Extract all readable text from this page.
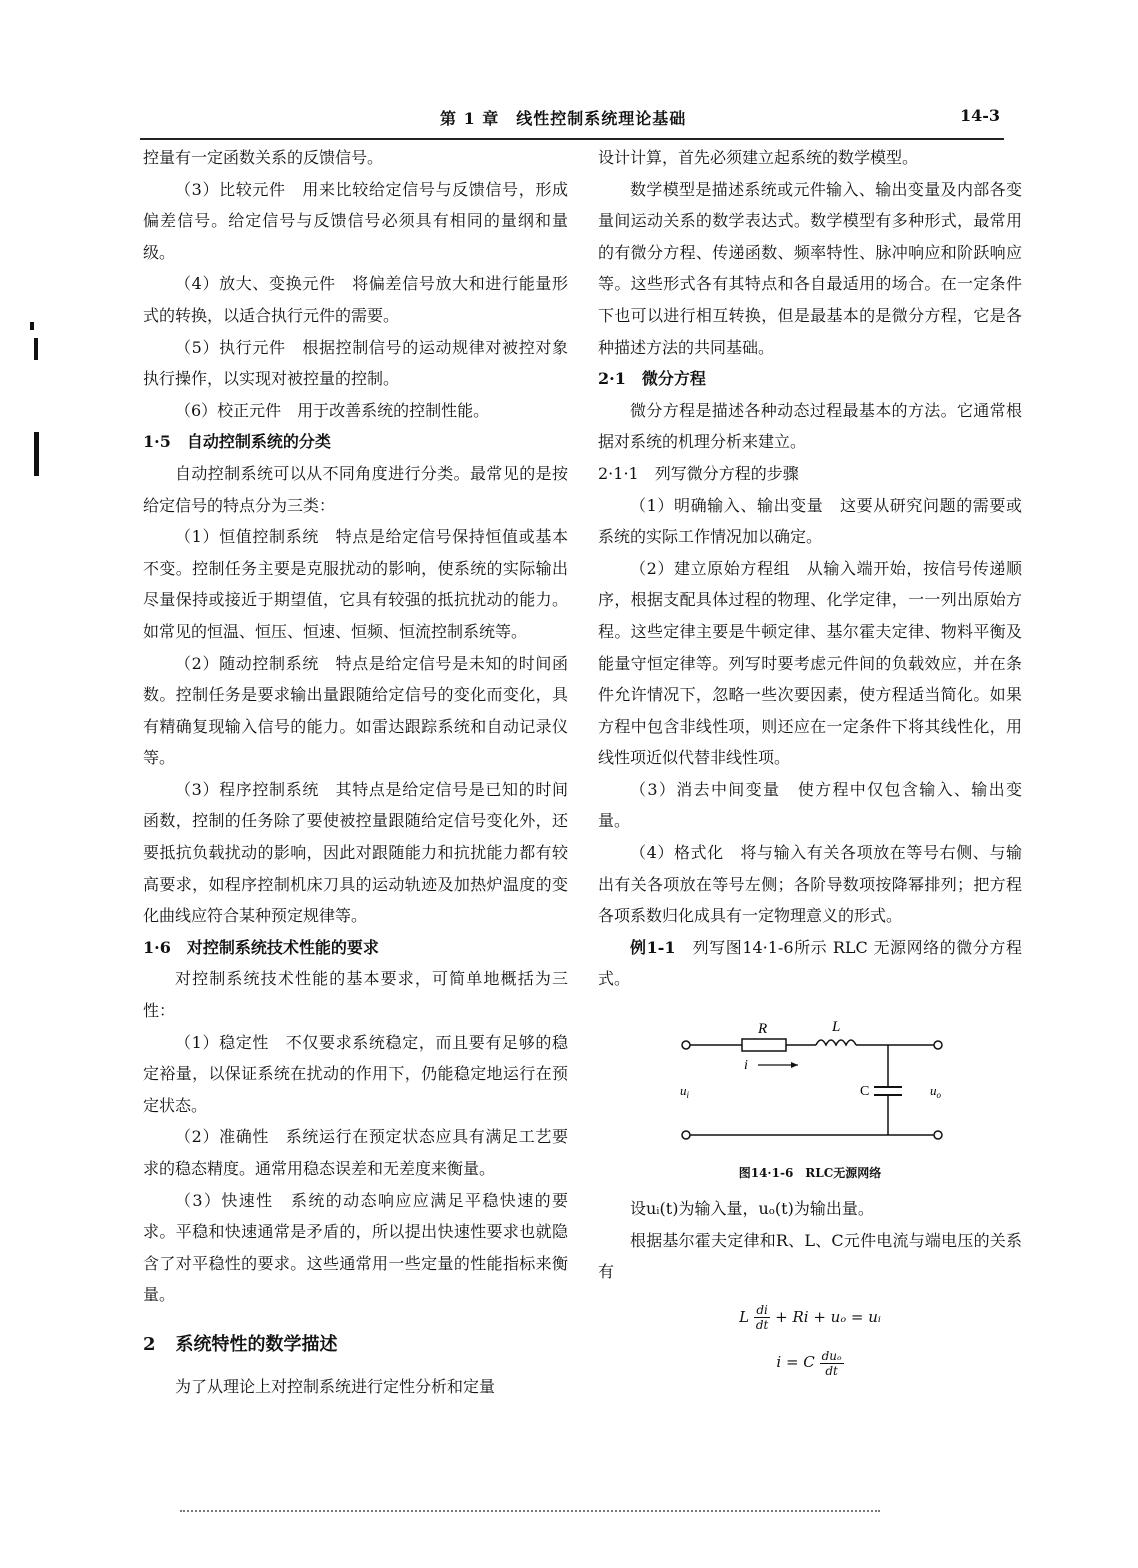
第 1 章　线性控制系统理论基础	14-3

控量有一定函数关系的反馈信号。

（3）比较元件　用来比较给定信号与反馈信号，形成偏差信号。给定信号与反馈信号必须具有相同的量纲和量级。

（4）放大、变换元件　将偏差信号放大和进行能量形式的转换，以适合执行元件的需要。

（5）执行元件　根据控制信号的运动规律对被控对象执行操作，以实现对被控量的控制。

（6）校正元件　用于改善系统的控制性能。

1·5　自动控制系统的分类

自动控制系统可以从不同角度进行分类。最常见的是按给定信号的特点分为三类：

（1）恒值控制系统　特点是给定信号保持恒值或基本不变。控制任务主要是克服扰动的影响，使系统的实际输出尽量保持或接近于期望值，它具有较强的抵抗扰动的能力。如常见的恒温、恒压、恒速、恒频、恒流控制系统等。

（2）随动控制系统　特点是给定信号是未知的时间函数。控制任务是要求输出量跟随给定信号的变化而变化，具有精确复现输入信号的能力。如雷达跟踪系统和自动记录仪等。

（3）程序控制系统　其特点是给定信号是已知的时间函数，控制的任务除了要使被控量跟随给定信号变化外，还要抵抗负载扰动的影响，因此对跟随能力和抗扰能力都有较高要求，如程序控制机床刀具的运动轨迹及加热炉温度的变化曲线应符合某种预定规律等。

1·6　对控制系统技术性能的要求

对控制系统技术性能的基本要求，可简单地概括为三性：

（1）稳定性　不仅要求系统稳定，而且要有足够的稳定裕量，以保证系统在扰动的作用下，仍能稳定地运行在预定状态。

（2）准确性　系统运行在预定状态应具有满足工艺要求的稳态精度。通常用稳态误差和无差度来衡量。

（3）快速性　系统的动态响应应满足平稳快速的要求。平稳和快速通常是矛盾的，所以提出快速性要求也就隐含了对平稳性的要求。这些通常用一些定量的性能指标来衡量。

2 系统特性的数学描述

为了从理论上对控制系统进行定性分析和定量

设计计算，首先必须建立起系统的数学模型。

数学模型是描述系统或元件输入、输出变量及内部各变量间运动关系的数学表达式。数学模型有多种形式，最常用的有微分方程、传递函数、频率特性、脉冲响应和阶跃响应等。这些形式各有其特点和各自最适用的场合。在一定条件下也可以进行相互转换，但是最基本的是微分方程，它是各种描述方法的共同基础。

2·1　微分方程

微分方程是描述各种动态过程最基本的方法。它通常根据对系统的机理分析来建立。

2·1·1　列写微分方程的步骤

（1）明确输入、输出变量　这要从研究问题的需要或系统的实际工作情况加以确定。

（2）建立原始方程组　从输入端开始，按信号传递顺序，根据支配具体过程的物理、化学定律，一一列出原始方程。这些定律主要是牛顿定律、基尔霍夫定律、物料平衡及能量守恒定律等。列写时要考虑元件间的负载效应，并在条件允许情况下，忽略一些次要因素，使方程适当简化。如果方程中包含非线性项，则还应在一定条件下将其线性化，用线性项近似代替非线性项。

（3）消去中间变量　使方程中仅包含输入、输出变量。

（4）格式化　将与输入有关各项放在等号右侧、与输出有关各项放在等号左侧；各阶导数项按降幂排列；把方程各项系数归化成具有一定物理意义的形式。

例1-1　 列写图14·1-6所示 RLC 无源网络的微分方程式。

R	L
i
C
$u_i$	$u_o$
图14·1-6　RLC无源网络

设uᵢ(t)为输入量，uₒ(t)为输出量。

根据基尔霍夫定律和R、L、C元件电流与端电压的关系有

L $\frac{di}{dt} + Ri + u_o$ = uᵢ
i = C $\frac{\text{duₒ}}{dt}$
